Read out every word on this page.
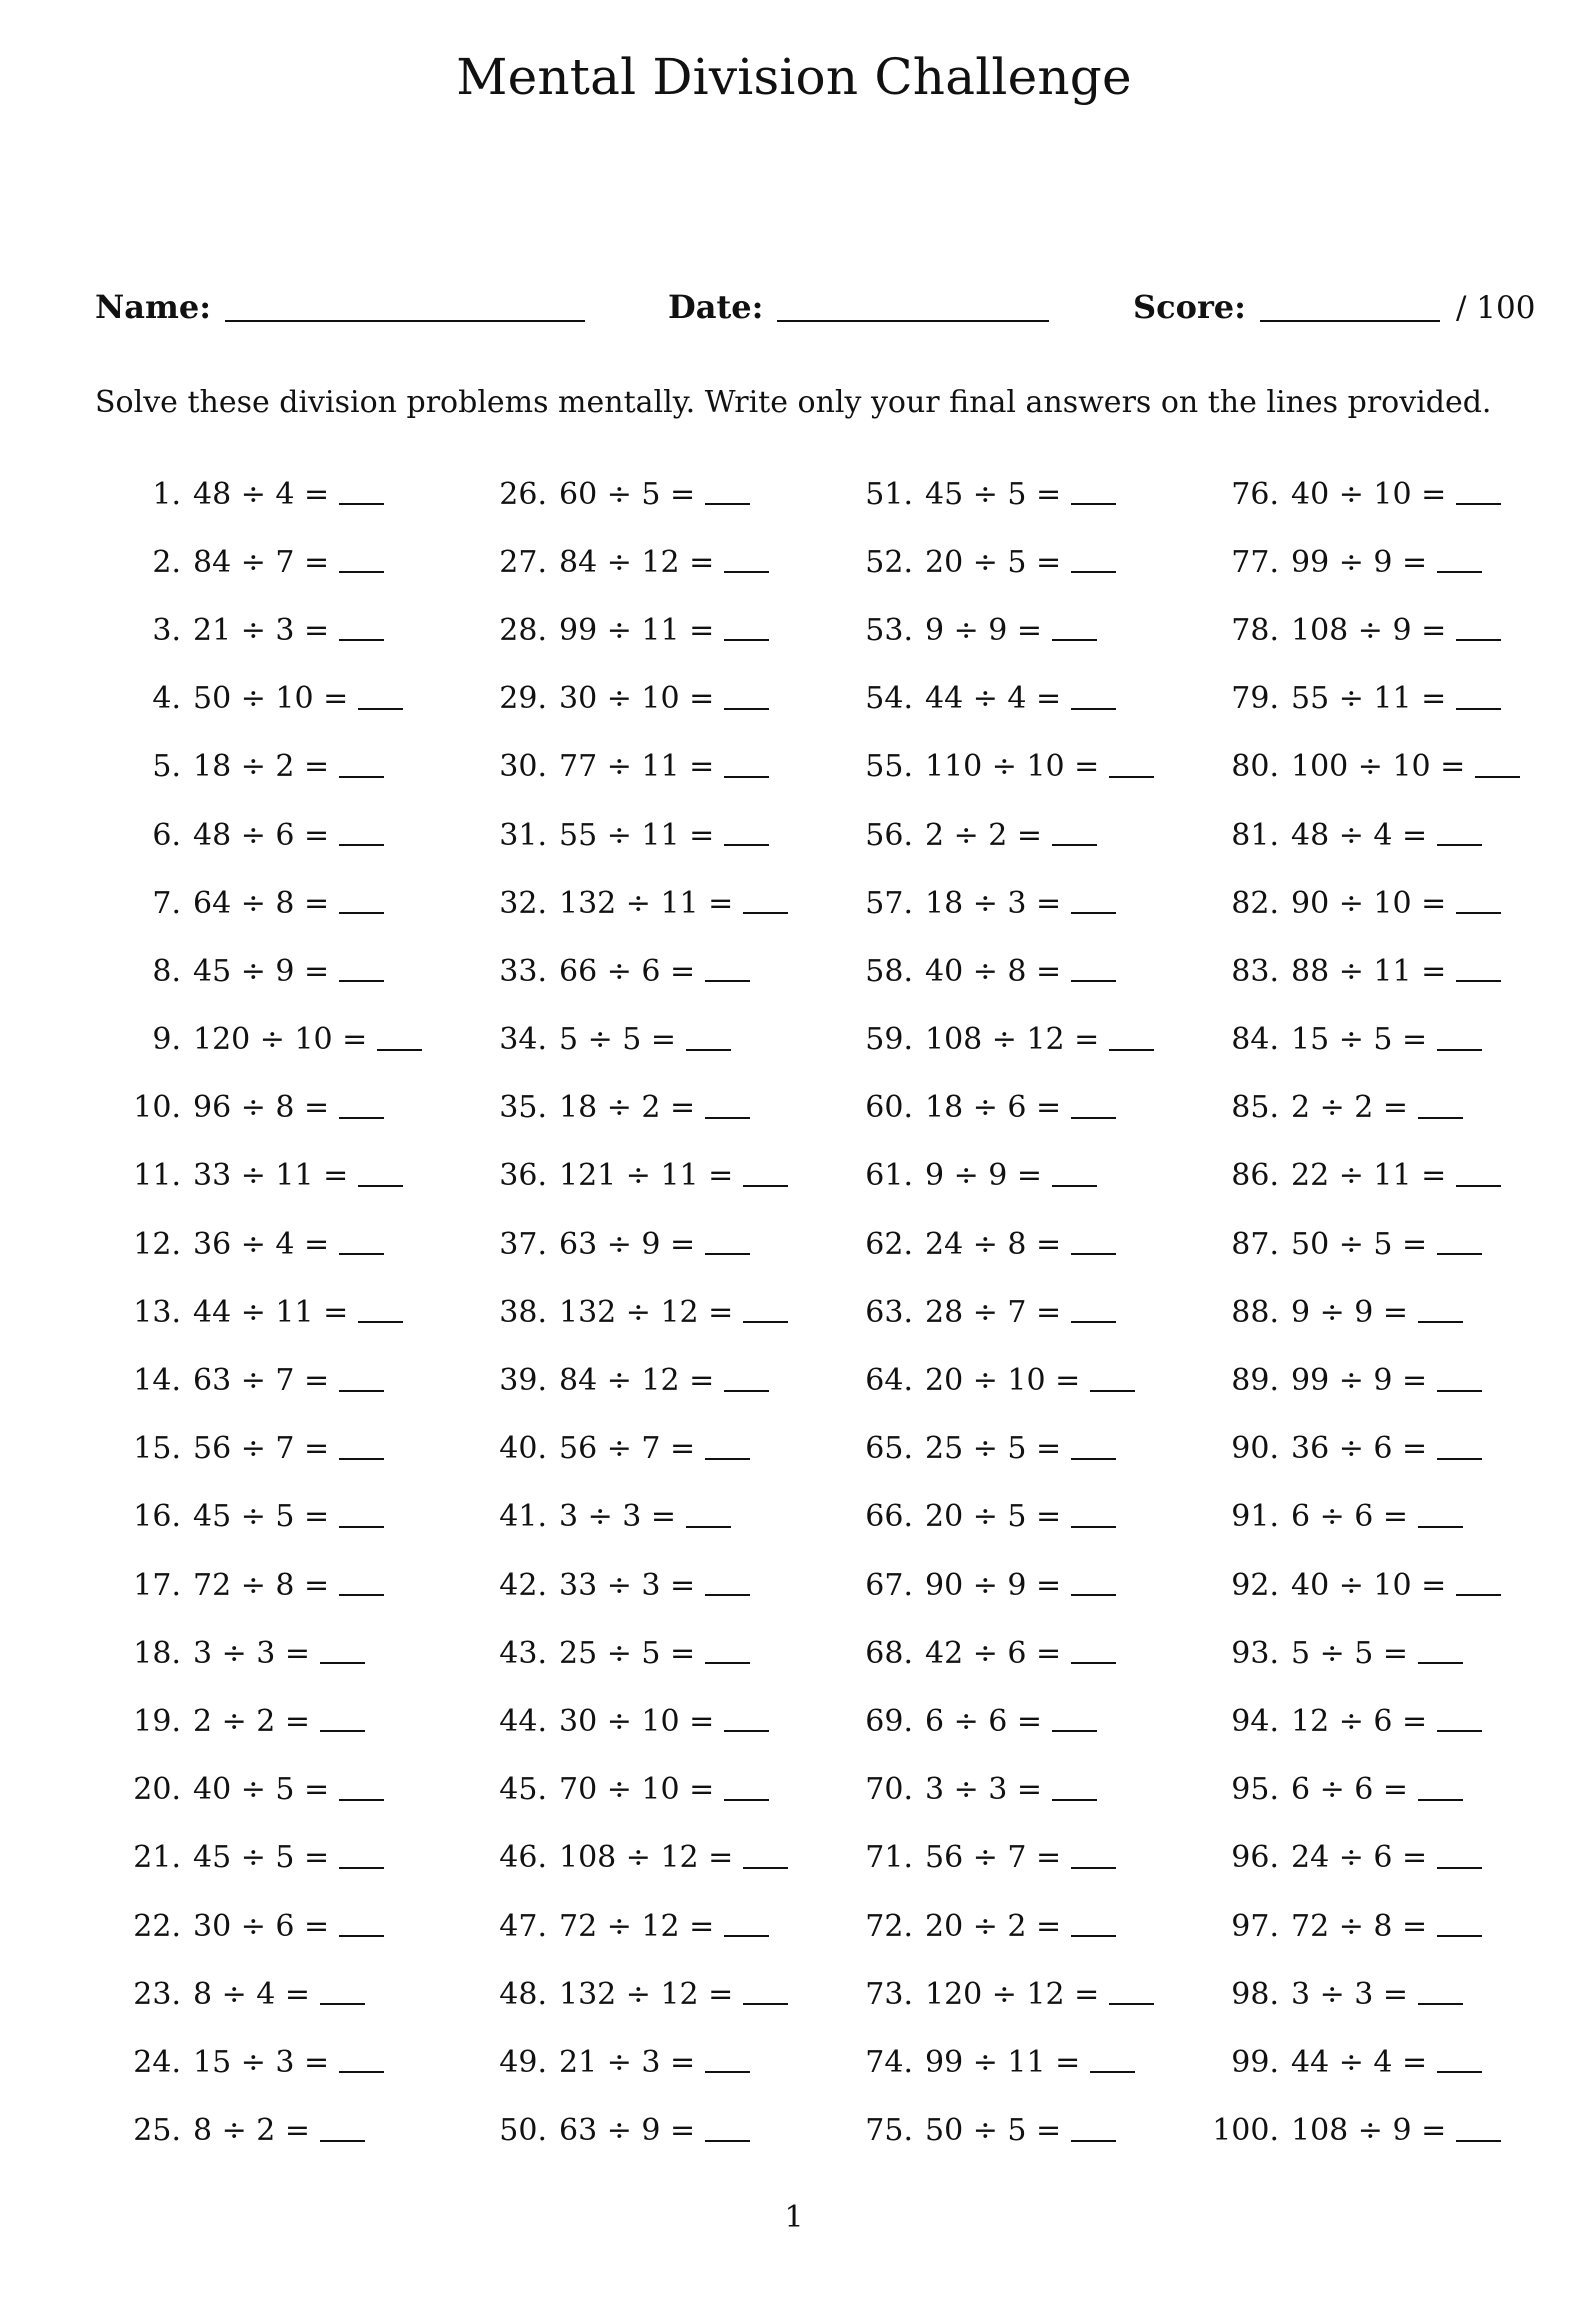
Mental Division Challenge
Name:	Date:	Score:	/ 100
Solve these division problems mentally. Write only your final answers on the lines provided.
1. 48 ÷ 4 =
2. 84 ÷ 7 =
3. 21 ÷ 3 =
4. 50 ÷ 10 =
5. 18 ÷ 2 =
6. 48 ÷ 6 =
7. 64 ÷ 8 =
8. 45 ÷ 9 =
9. 120 ÷ 10 =
10. 96 ÷ 8 =
11. 33 ÷ 11 =
12. 36 ÷ 4 =
13. 44 ÷ 11 =
14. 63 ÷ 7 =
15. 56 ÷ 7 =
16. 45 ÷ 5 =
17. 72 ÷ 8 =
18. 3 ÷ 3 =
19. 2 ÷ 2 =
20. 40 ÷ 5 =
21. 45 ÷ 5 =
22. 30 ÷ 6 =
23. 8 ÷ 4 =
24. 15 ÷ 3 =
25. 8 ÷ 2 =
26. 60 ÷ 5 =
27. 84 ÷ 12 =
28. 99 ÷ 11 =
29. 30 ÷ 10 =
30. 77 ÷ 11 =
31. 55 ÷ 11 =
32. 132 ÷ 11 =
33. 66 ÷ 6 =
34. 5 ÷ 5 =
35. 18 ÷ 2 =
36. 121 ÷ 11 =
37. 63 ÷ 9 =
38. 132 ÷ 12 =
39. 84 ÷ 12 =
40. 56 ÷ 7 =
41. 3 ÷ 3 =
42. 33 ÷ 3 =
43. 25 ÷ 5 =
44. 30 ÷ 10 =
45. 70 ÷ 10 =
46. 108 ÷ 12 =
47. 72 ÷ 12 =
48. 132 ÷ 12 =
49. 21 ÷ 3 =
50. 63 ÷ 9 =
51. 45 ÷ 5 =
52. 20 ÷ 5 =
53. 9 ÷ 9 =
54. 44 ÷ 4 =
55. 110 ÷ 10 =
56. 2 ÷ 2 =
57. 18 ÷ 3 =
58. 40 ÷ 8 =
59. 108 ÷ 12 =
60. 18 ÷ 6 =
61. 9 ÷ 9 =
62. 24 ÷ 8 =
63. 28 ÷ 7 =
64. 20 ÷ 10 =
65. 25 ÷ 5 =
66. 20 ÷ 5 =
67. 90 ÷ 9 =
68. 42 ÷ 6 =
69. 6 ÷ 6 =
70. 3 ÷ 3 =
71. 56 ÷ 7 =
72. 20 ÷ 2 =
73. 120 ÷ 12 =
74. 99 ÷ 11 =
75. 50 ÷ 5 =
76. 40 ÷ 10 =
77. 99 ÷ 9 =
78. 108 ÷ 9 =
79. 55 ÷ 11 =
80. 100 ÷ 10 =
81. 48 ÷ 4 =
82. 90 ÷ 10 =
83. 88 ÷ 11 =
84. 15 ÷ 5 =
85. 2 ÷ 2 =
86. 22 ÷ 11 =
87. 50 ÷ 5 =
88. 9 ÷ 9 =
89. 99 ÷ 9 =
90. 36 ÷ 6 =
91. 6 ÷ 6 =
92. 40 ÷ 10 =
93. 5 ÷ 5 =
94. 12 ÷ 6 =
95. 6 ÷ 6 =
96. 24 ÷ 6 =
97. 72 ÷ 8 =
98. 3 ÷ 3 =
99. 44 ÷ 4 =
100. 108 ÷ 9 =
1
